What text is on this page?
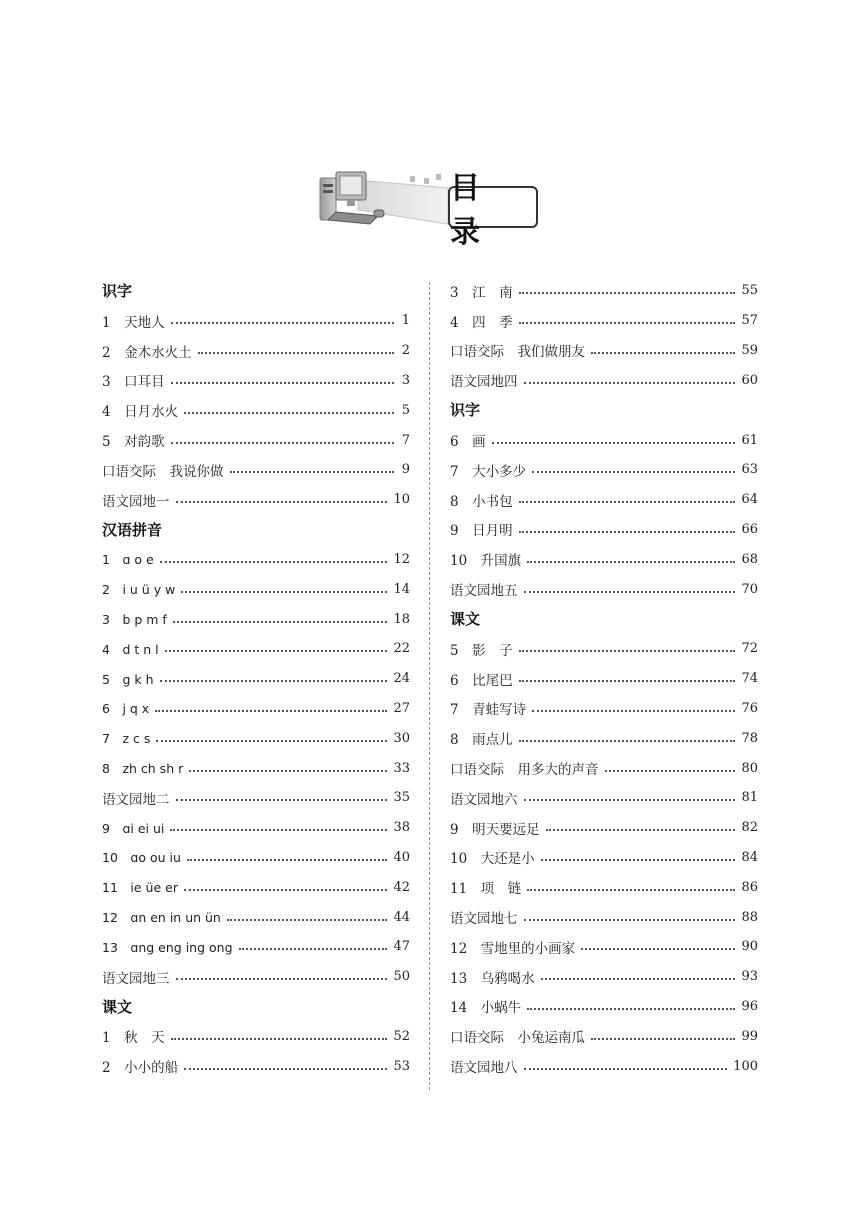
目 录
识字
1　天地人	1
2　金木水火土	2
3　口耳目	3
4　日月水火	5
5　对韵歌	7
口语交际　我说你做	9
语文园地一	10
汉语拼音
1　ɑ o e	12
2　i u ü y w	14
3　b p m f	18
4　d t n l	22
5　g k h	24
6　j q x	27
7　z c s	30
8　zh ch sh r	33
语文园地二	35
9　ɑi ei ui	38
10　ɑo ou iu	40
11　ie üe er	42
12　ɑn en in un ün	44
13　ɑng eng ing ong	47
语文园地三	50
课文
1　秋　天	52
2　小小的船	53
3　江　南	55
4　四　季	57
口语交际　我们做朋友	59
语文园地四	60
识字
6　画	61
7　大小多少	63
8　小书包	64
9　日月明	66
10　升国旗	68
语文园地五	70
课文
5　影　子	72
6　比尾巴	74
7　青蛙写诗	76
8　雨点儿	78
口语交际　用多大的声音	80
语文园地六	81
9　明天要远足	82
10　大还是小	84
11　项　链	86
语文园地七	88
12　雪地里的小画家	90
13　乌鸦喝水	93
14　小蜗牛	96
口语交际　小兔运南瓜	99
语文园地八	100
